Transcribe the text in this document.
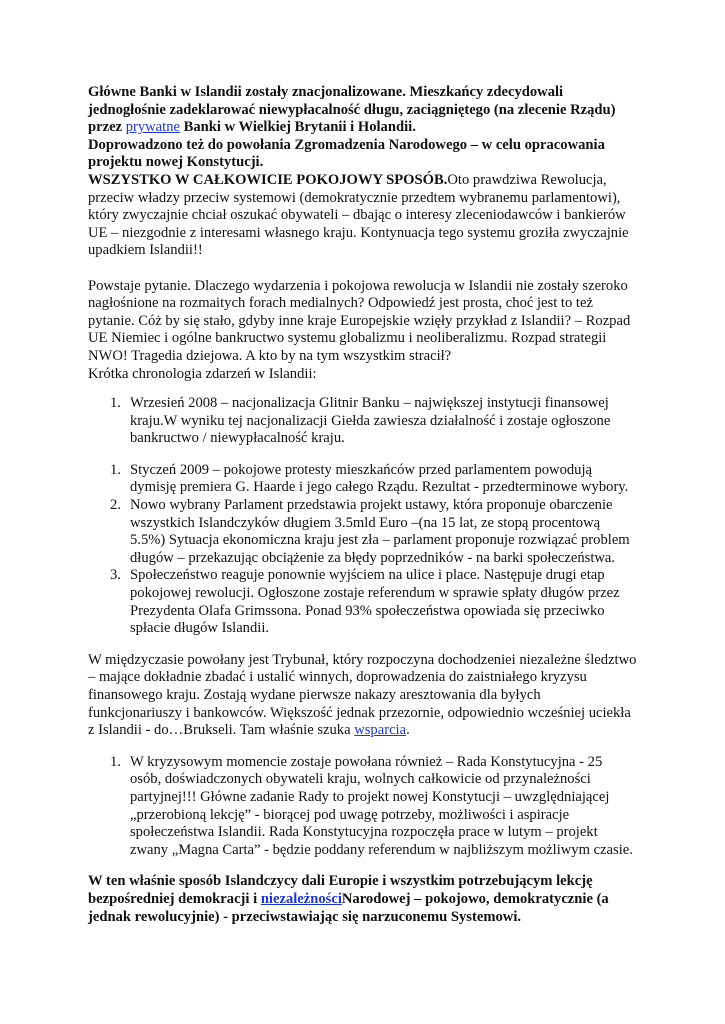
Główne Banki w Islandii zostały znacjonalizowane. Mieszkańcy zdecydowali jednogłośnie zadeklarować niewypłacalność długu, zaciągniętego (na zlecenie Rządu) przez prywatne Banki w Wielkiej Brytanii i Holandii.
Doprowadzono też do powołania Zgromadzenia Narodowego – w celu opracowania projektu nowej Konstytucji.
WSZYSTKO W CAŁKOWICIE POKOJOWY SPOSÓB.Oto prawdziwa Rewolucja, przeciw władzy przeciw systemowi (demokratycznie przedtem wybranemu parlamentowi), który zwyczajnie chciał oszukać obywateli – dbając o interesy zleceniodawców i bankierów UE – niezgodnie z interesami własnego kraju. Kontynuacja tego systemu groziła zwyczajnie upadkiem Islandii!!

Powstaje pytanie. Dlaczego wydarzenia i pokojowa rewolucja w Islandii nie zostały szeroko nagłośnione na rozmaitych forach medialnych? Odpowiedź jest prosta, choć jest to też pytanie. Cóż by się stało, gdyby inne kraje Europejskie wzięły przykład z Islandii? – Rozpad UE Niemiec i ogólne bankructwo systemu globalizmu i neoliberalizmu. Rozpad strategii NWO! Tragedia dziejowa. A kto by na tym wszystkim stracił?
Krótka chronologia zdarzeń w Islandii:

1. Wrzesień 2008 – nacjonalizacja Glitnir Banku – największej instytucji finansowej kraju.W wyniku tej nacjonalizacji Giełda zawiesza działalność i zostaje ogłoszone bankructwo / niewypłacalność kraju.
1. Styczeń 2009 – pokojowe protesty mieszkańców przed parlamentem powodują dymisję premiera G. Haarde i jego całego Rządu. Rezultat - przedterminowe wybory.
2. Nowo wybrany Parlament przedstawia projekt ustawy, która proponuje obarczenie wszystkich Islandczyków długiem 3.5mld Euro –(na 15 lat, ze stopą procentową 5.5%) Sytuacja ekonomiczna kraju jest zła – parlament proponuje rozwiązać problem długów – przekazując obciążenie za błędy poprzedników - na barki społeczeństwa.
3. Społeczeństwo reaguje ponownie wyjściem na ulice i place. Następuje drugi etap pokojowej rewolucji. Ogłoszone zostaje referendum w sprawie spłaty długów przez Prezydenta Olafa Grimssona. Ponad 93% społeczeństwa opowiada się przeciwko spłacie długów Islandii.

W międzyczasie powołany jest Trybunał, który rozpoczyna dochodzeniei niezależne śledztwo – mające dokładnie zbadać i ustalić winnych, doprowadzenia do zaistniałego kryzysu finansowego kraju. Zostają wydane pierwsze nakazy aresztowania dla byłych funkcjonariuszy i bankowców. Większość jednak przezornie, odpowiednio wcześniej uciekła z Islandii - do…Brukseli. Tam właśnie szuka wsparcia.

1. W kryzysowym momencie zostaje powołana również – Rada Konstytucyjna - 25 osób, doświadczonych obywateli kraju, wolnych całkowicie od przynależności partyjnej!!! Główne zadanie Rady to projekt nowej Konstytucji – uwzględniającej „przerobioną lekcję” - biorącej pod uwagę potrzeby, możliwości i aspiracje społeczeństwa Islandii. Rada Konstytucyjna rozpoczęła prace w lutym – projekt zwany „Magna Carta” - będzie poddany referendum w najbliższym możliwym czasie.

W ten właśnie sposób Islandczycy dali Europie i wszystkim potrzebującym lekcję bezpośredniej demokracji i niezależnościNarodowej – pokojowo, demokratycznie (a jednak rewolucyjnie) - przeciwstawiając się narzuconemu Systemowi.
